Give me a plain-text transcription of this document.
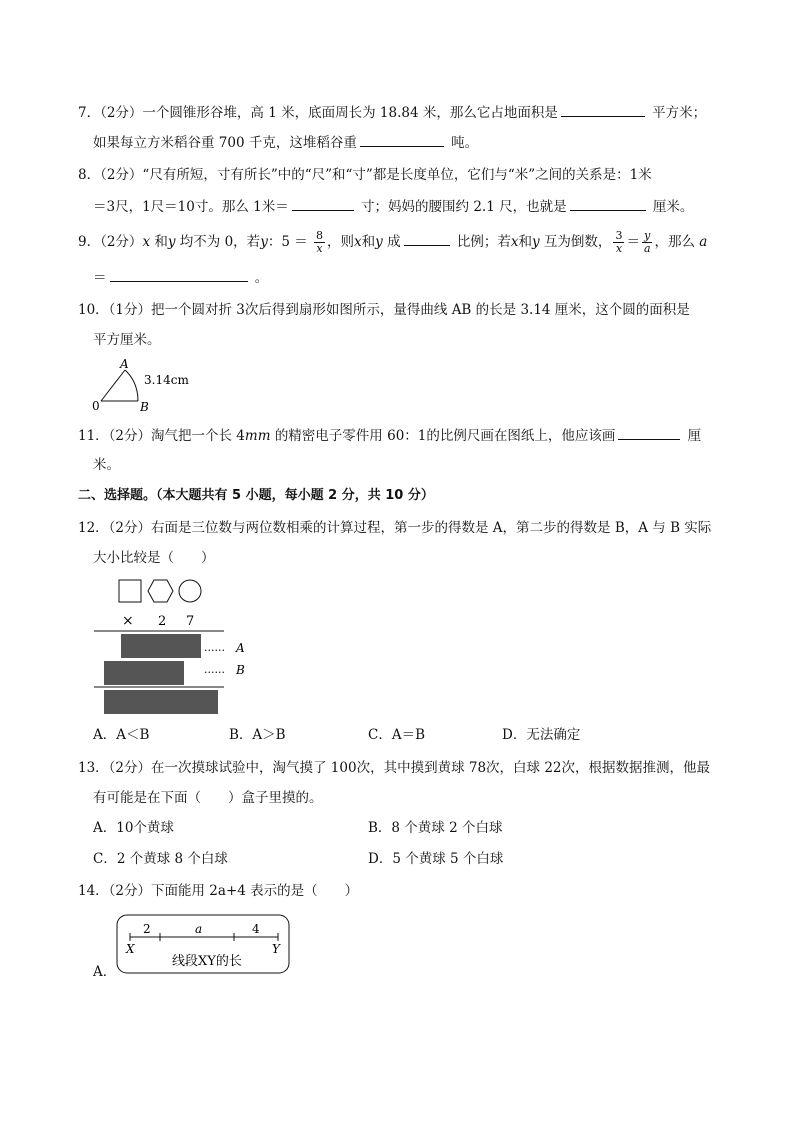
7．（2分）一个圆锥形谷堆，高 1 米，底面周长为 18.84 米，那么它占地面积是	平方米；
如果每立方米稻谷重 700 千克，这堆稻谷重	吨。
8．（2分）“尺有所短，寸有所长”中的“尺”和“寸”都是长度单位，它们与“米”之间的关系是：1米
＝3尺，1尺＝10寸。那么 1米＝	寸；妈妈的腰围约 2.1 尺，也就是	厘米。
9．（2分）x 和y 均不为 0，若y：$5 = \frac{8}{x}$ ，则x和y 成	比例；若x和y 互为倒数， $\frac{3}{x} = \frac{y}{a}$ ，那么 a
＝	。
10．（1分）把一个圆对折 3次后得到扇形如图所示，量得曲线 AB 的长是 3.14 厘米，这个圆的面积是
平方厘米。
A
3.14cm
0	B
11．（2分）淘气把一个长 4mm 的精密电子零件用 60：1的比例尺画在图纸上，他应该画	厘
米。
二、选择题。（本大题共有 5 小题，每小题 2 分，共 10 分）
12．（2分）右面是三位数与两位数相乘的计算过程，第一步的得数是 A，第二步的得数是 B，A 与 B 实际
大小比较是（　　）
× 2 7
...... A
...... B
A．A＜B	B．A＞B	C．A＝B	D．无法确定
13．（2分）在一次摸球试验中，淘气摸了 100次，其中摸到黄球 78次，白球 22次，根据数据推测，他最
有可能是在下面（　　）盒子里摸的。
A．10个黄球	B．8 个黄球 2 个白球
C．2 个黄球 8 个白球	D．5 个黄球 5 个白球
14．（2分）下面能用 2a+4 表示的是（　　）
A．
2	a	4
X	Y
线段XY的长
